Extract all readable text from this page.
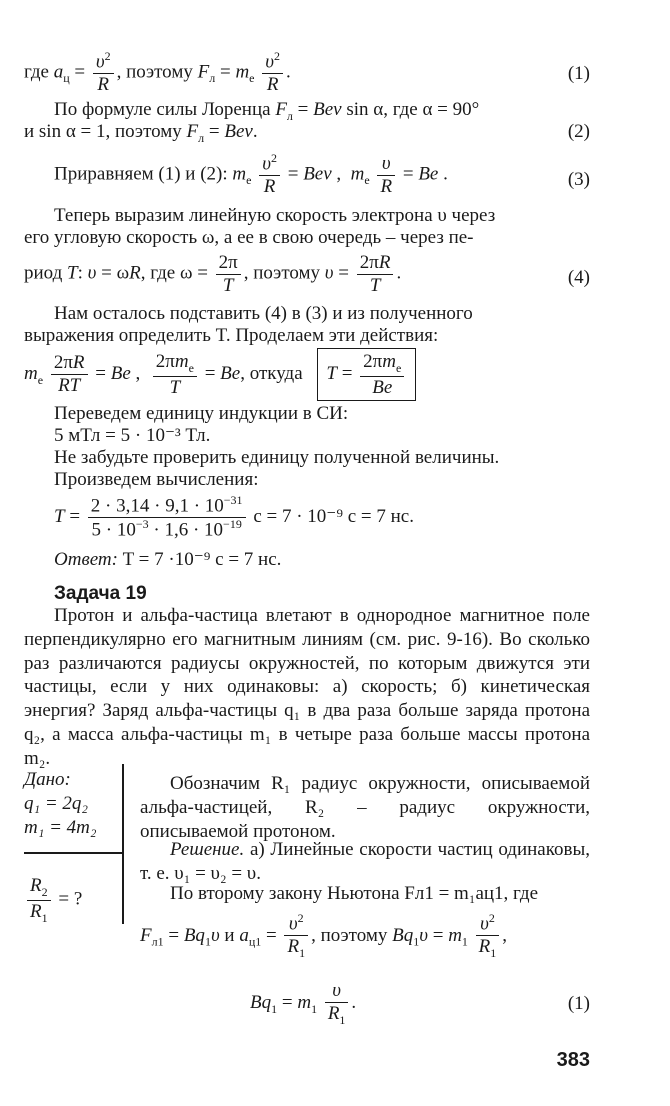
где $a_ц = \frac{\upsilon^2}{R}$ , поэтому $F_л = m_e \frac{\upsilon^2}{R}$ .	(1)
По формуле силы Лоренца $F_л$ = Bev sin α, где α = 90°
и sin α = 1, поэтому $F_л$ = Bev.	(2)
Приравняем (1) и (2): $m_e \frac{\upsilon^2}{R}$ = Bev ,  $m_e \frac{\upsilon}{R} = Be$ .	(3)
Теперь выразим линейную скорость электрона υ через
его угловую скорость ω, а ее в свою очередь – через пе-
риод T: υ = ωR, где $\omega = \frac{2\pi}{T}$ , поэтому $\upsilon = \frac{2\pi R}{T}$ .	(4)
Нам осталось подставить (4) в (3) и из полученного
выражения определить T. Проделаем эти действия:
$m_e \frac{2\pi R}{RT} = Be$ , $\frac{2\pi m_e}{T} = Be$, откуда $T = \frac{2\pi m_e}{Be}$
Переведем единицу индукции в СИ:
5 мТл = 5 · 10⁻³ Тл.
Не забудьте проверить единицу полученной величины.
Произведем вычисления:
$T = \frac{2 \cdot 3,14 \cdot 9,1 \cdot 10^{-31}}{5 \cdot 10^{-3} \cdot 1,6 \cdot 10^{-19}}$ с = 7 · 10⁻⁹ с = 7 нс.
Ответ: T = 7 ·10⁻⁹ с = 7 нс.
Задача 19
Протон и альфа-частица влетают в однородное магнитное поле перпендикулярно его магнитным линиям (см. рис. 9-16). Во сколько раз различаются радиусы окружностей, по которым движутся эти частицы, если у них одинаковы: а) скорость; б) кинетическая энергия? Заряд альфа-частицы q₁ в два раза больше заряда протона q₂, а масса альфа-частицы m₁ в четыре раза больше массы протона m₂.
Дано:
q₁ = 2q₂
m₁ = 4m₂
$\frac{R_2}{R_1}$ = ?
Обозначим R₁ радиус окружности, описываемой альфа-частицей, R₂ – радиус окружности, описываемой протоном.
Решение. а) Линейные скорости частиц одинаковы, т. е. υ₁ = υ₂ = υ.
По второму закону Ньютона Fл1 = m₁aц1, где
$F_{л1} = Bq_1\upsilon$ и $a_{ц1} = \frac{\upsilon^2}{R_1}$ , поэтому $Bq_1\upsilon = m_1 \frac{\upsilon^2}{R_1}$ ,
$Bq_1 = m_1 \frac{\upsilon}{R_1}$ .	(1)
383
